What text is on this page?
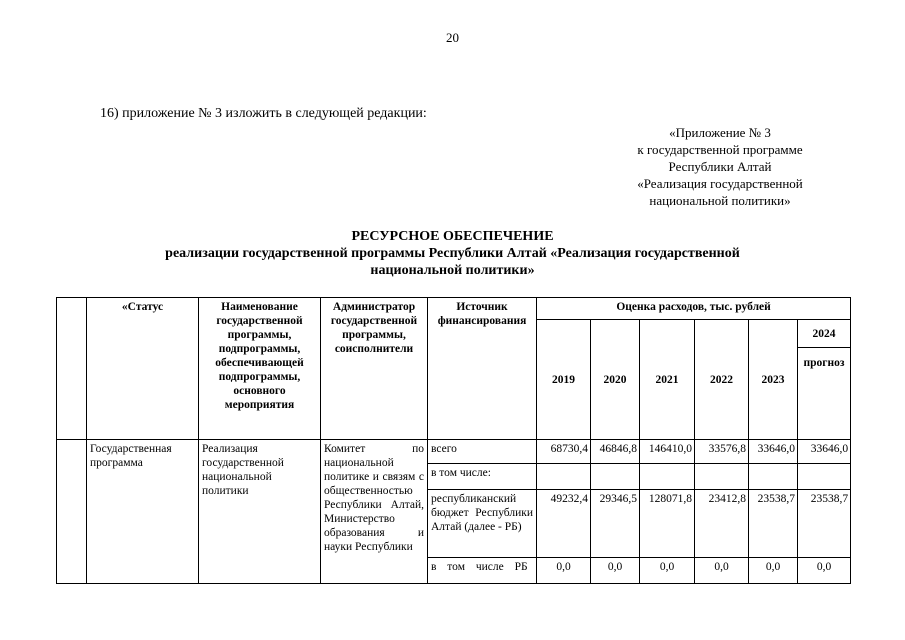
20
16) приложение № 3 изложить в следующей редакции:
«Приложение № 3
к государственной программе
Республики Алтай
«Реализация государственной
национальной политики»
РЕСУРСНОЕ ОБЕСПЕЧЕНИЕ
реализации государственной программы Республики Алтай «Реализация государственной
национальной политики»
	«Статус	Наименование государственной программы, подпрограммы, обеспечивающей подпрограммы, основного мероприятия	Администратор государственной программы, соисполнители	Источник финансирования	Оценка расходов, тыс. рублей					
					2019	2020	2021	2022	2023	2024
										прогноз
	Государственная программа	Реализация государственной национальной политики	Комитет по национальной политике и связям с общественностью Республики Алтай, Министерство образования и науки Республики	всего	68730,4	46846,8	146410,0	33576,8	33646,0	33646,0
				в том числе:						
				республиканский бюджет Республики Алтай (далее - РБ)	49232,4	29346,5	128071,8	23412,8	23538,7	23538,7
				в том числе РБ	0,0	0,0	0,0	0,0	0,0	0,0
